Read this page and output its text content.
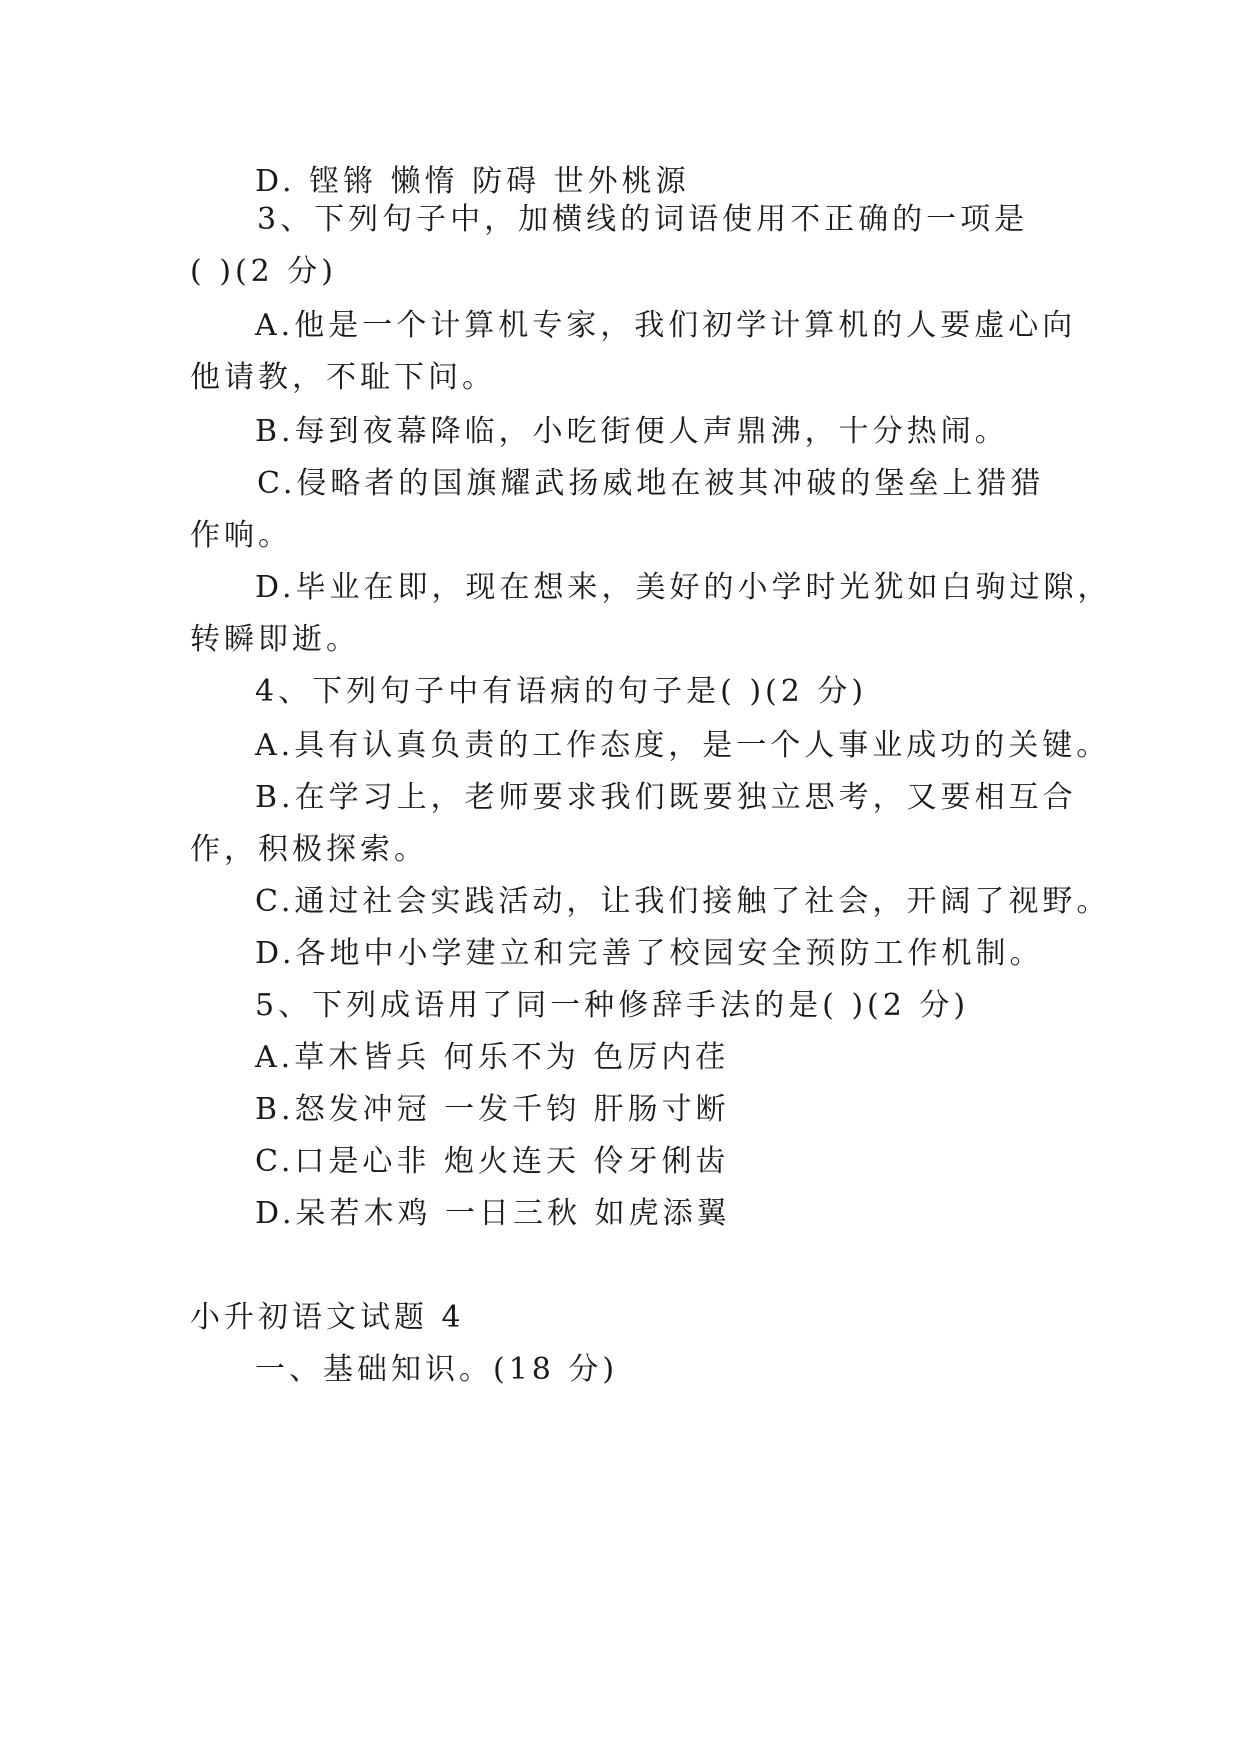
D. 铿锵 懒惰 防碍 世外桃源
3、下列句子中，加横线的词语使用不正确的一项是
( )(2 分)
A.他是一个计算机专家，我们初学计算机的人要虚心向
他请教，不耻下问。
B.每到夜幕降临，小吃街便人声鼎沸，十分热闹。
C.侵略者的国旗耀武扬威地在被其冲破的堡垒上猎猎
作响。
D.毕业在即，现在想来，美好的小学时光犹如白驹过隙，
转瞬即逝。
4、下列句子中有语病的句子是( )(2 分)
A.具有认真负责的工作态度，是一个人事业成功的关键。
B.在学习上，老师要求我们既要独立思考，又要相互合
作，积极探索。
C.通过社会实践活动，让我们接触了社会，开阔了视野。
D.各地中小学建立和完善了校园安全预防工作机制。
5、下列成语用了同一种修辞手法的是( )(2 分)
A.草木皆兵 何乐不为 色厉内荏
B.怒发冲冠 一发千钧 肝肠寸断
C.口是心非 炮火连天 伶牙俐齿
D.呆若木鸡 一日三秋 如虎添翼
小升初语文试题 4
一、基础知识。(18 分)
